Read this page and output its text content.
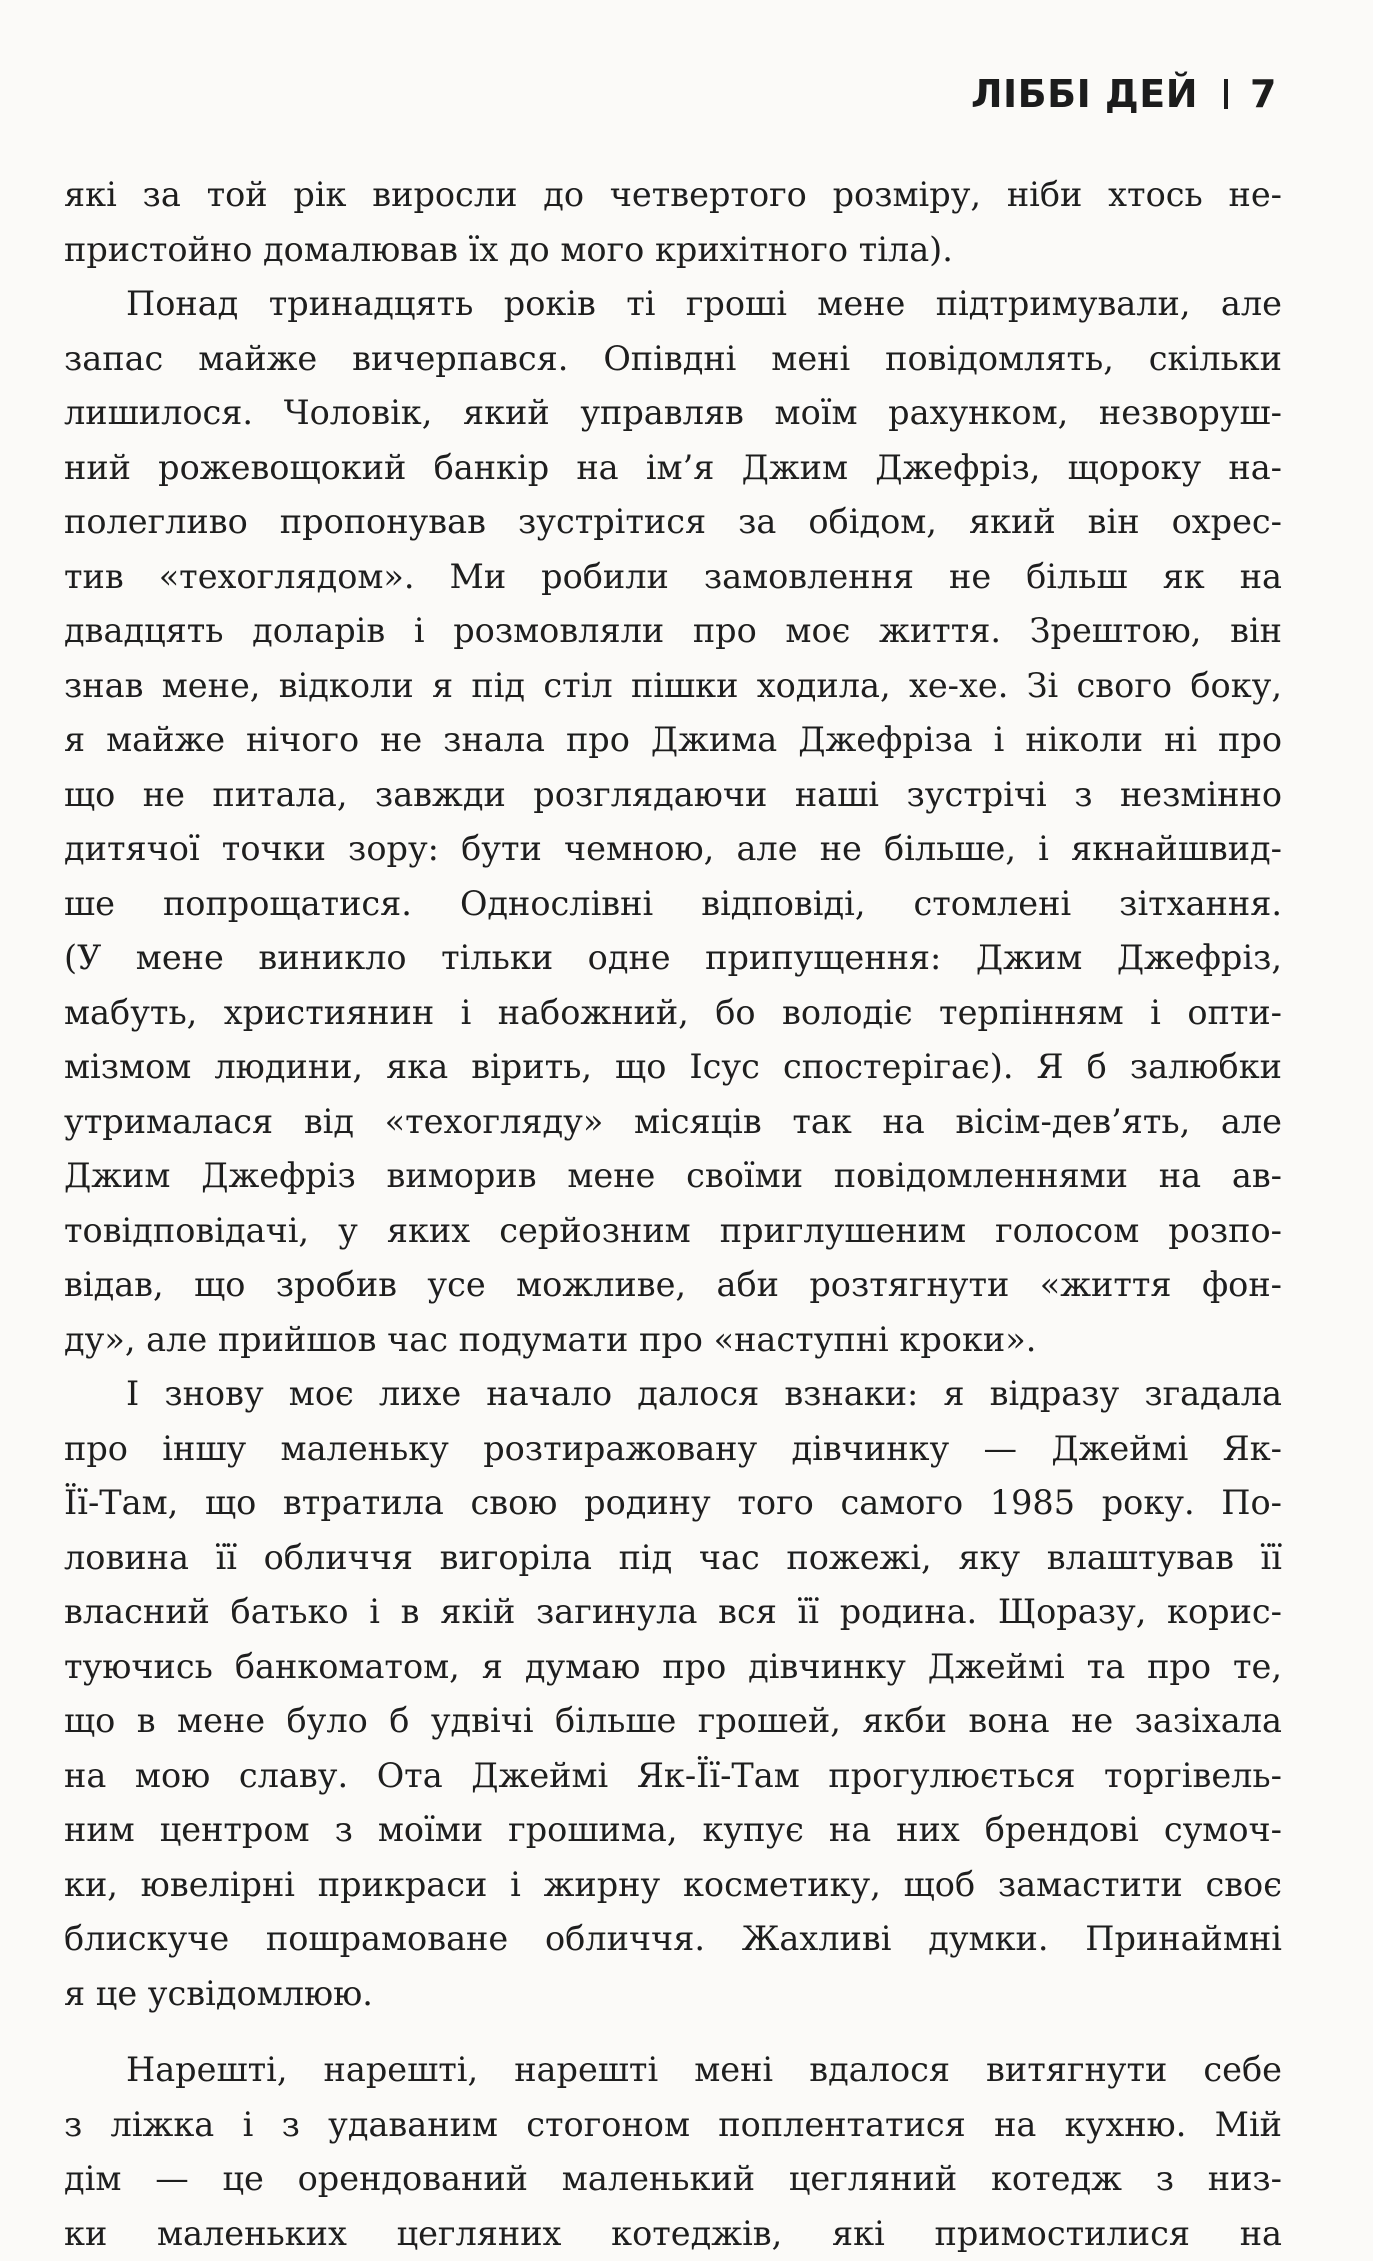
ЛІББІ ДЕЙ 7
які за той рік виросли до четвертого розміру, ніби хтось не-
пристойно домалював їх до мого крихітного тіла).
Понад тринадцять років ті гроші мене підтримували, але
запас майже вичерпався. Опівдні мені повідомлять, скільки
лишилося. Чоловік, який управляв моїм рахунком, незворуш-
ний рожевощокий банкір на ім’я Джим Джефріз, щороку на-
полегливо пропонував зустрітися за обідом, який він охрес-
тив «техоглядом». Ми робили замовлення не більш як на
двадцять доларів і розмовляли про моє життя. Зрештою, він
знав мене, відколи я під стіл пішки ходила, хе-хе. Зі свого боку,
я майже нічого не знала про Джима Джефріза і ніколи ні про
що не питала, завжди розглядаючи наші зустрічі з незмінно
дитячої точки зору: бути чемною, але не більше, і якнайшвид-
ше попрощатися. Однослівні відповіді, стомлені зітхання.
(У мене виникло тільки одне припущення: Джим Джефріз,
мабуть, християнин і набожний, бо володіє терпінням і опти-
мізмом людини, яка вірить, що Ісус спостерігає). Я б залюбки
утрималася від «техогляду» місяців так на вісім-дев’ять, але
Джим Джефріз виморив мене своїми повідомленнями на ав-
товідповідачі, у яких серйозним приглушеним голосом розпо-
відав, що зробив усе можливе, аби розтягнути «життя фон-
ду», але прийшов час подумати про «наступні кроки».
І знову моє лихе начало далося взнаки: я відразу згадала
про іншу маленьку розтиражовану дівчинку — Джеймі Як-
Її-Там, що втратила свою родину того самого 1985 року. По-
ловина її обличчя вигоріла під час пожежі, яку влаштував її
власний батько і в якій загинула вся її родина. Щоразу, корис-
туючись банкоматом, я думаю про дівчинку Джеймі та про те,
що в мене було б удвічі більше грошей, якби вона не зазіхала
на мою славу. Ота Джеймі Як-Її-Там прогулюється торгівель-
ним центром з моїми грошима, купує на них брендові сумоч-
ки, ювелірні прикраси і жирну косметику, щоб замастити своє
блискуче пошрамоване обличчя. Жахливі думки. Принаймні
я це усвідомлюю.
Нарешті, нарешті, нарешті мені вдалося витягнути себе
з ліжка і з удаваним стогоном поплентатися на кухню. Мій
дім — це орендований маленький цегляний котедж з низ-
ки маленьких цегляних котеджів, які примостилися на
